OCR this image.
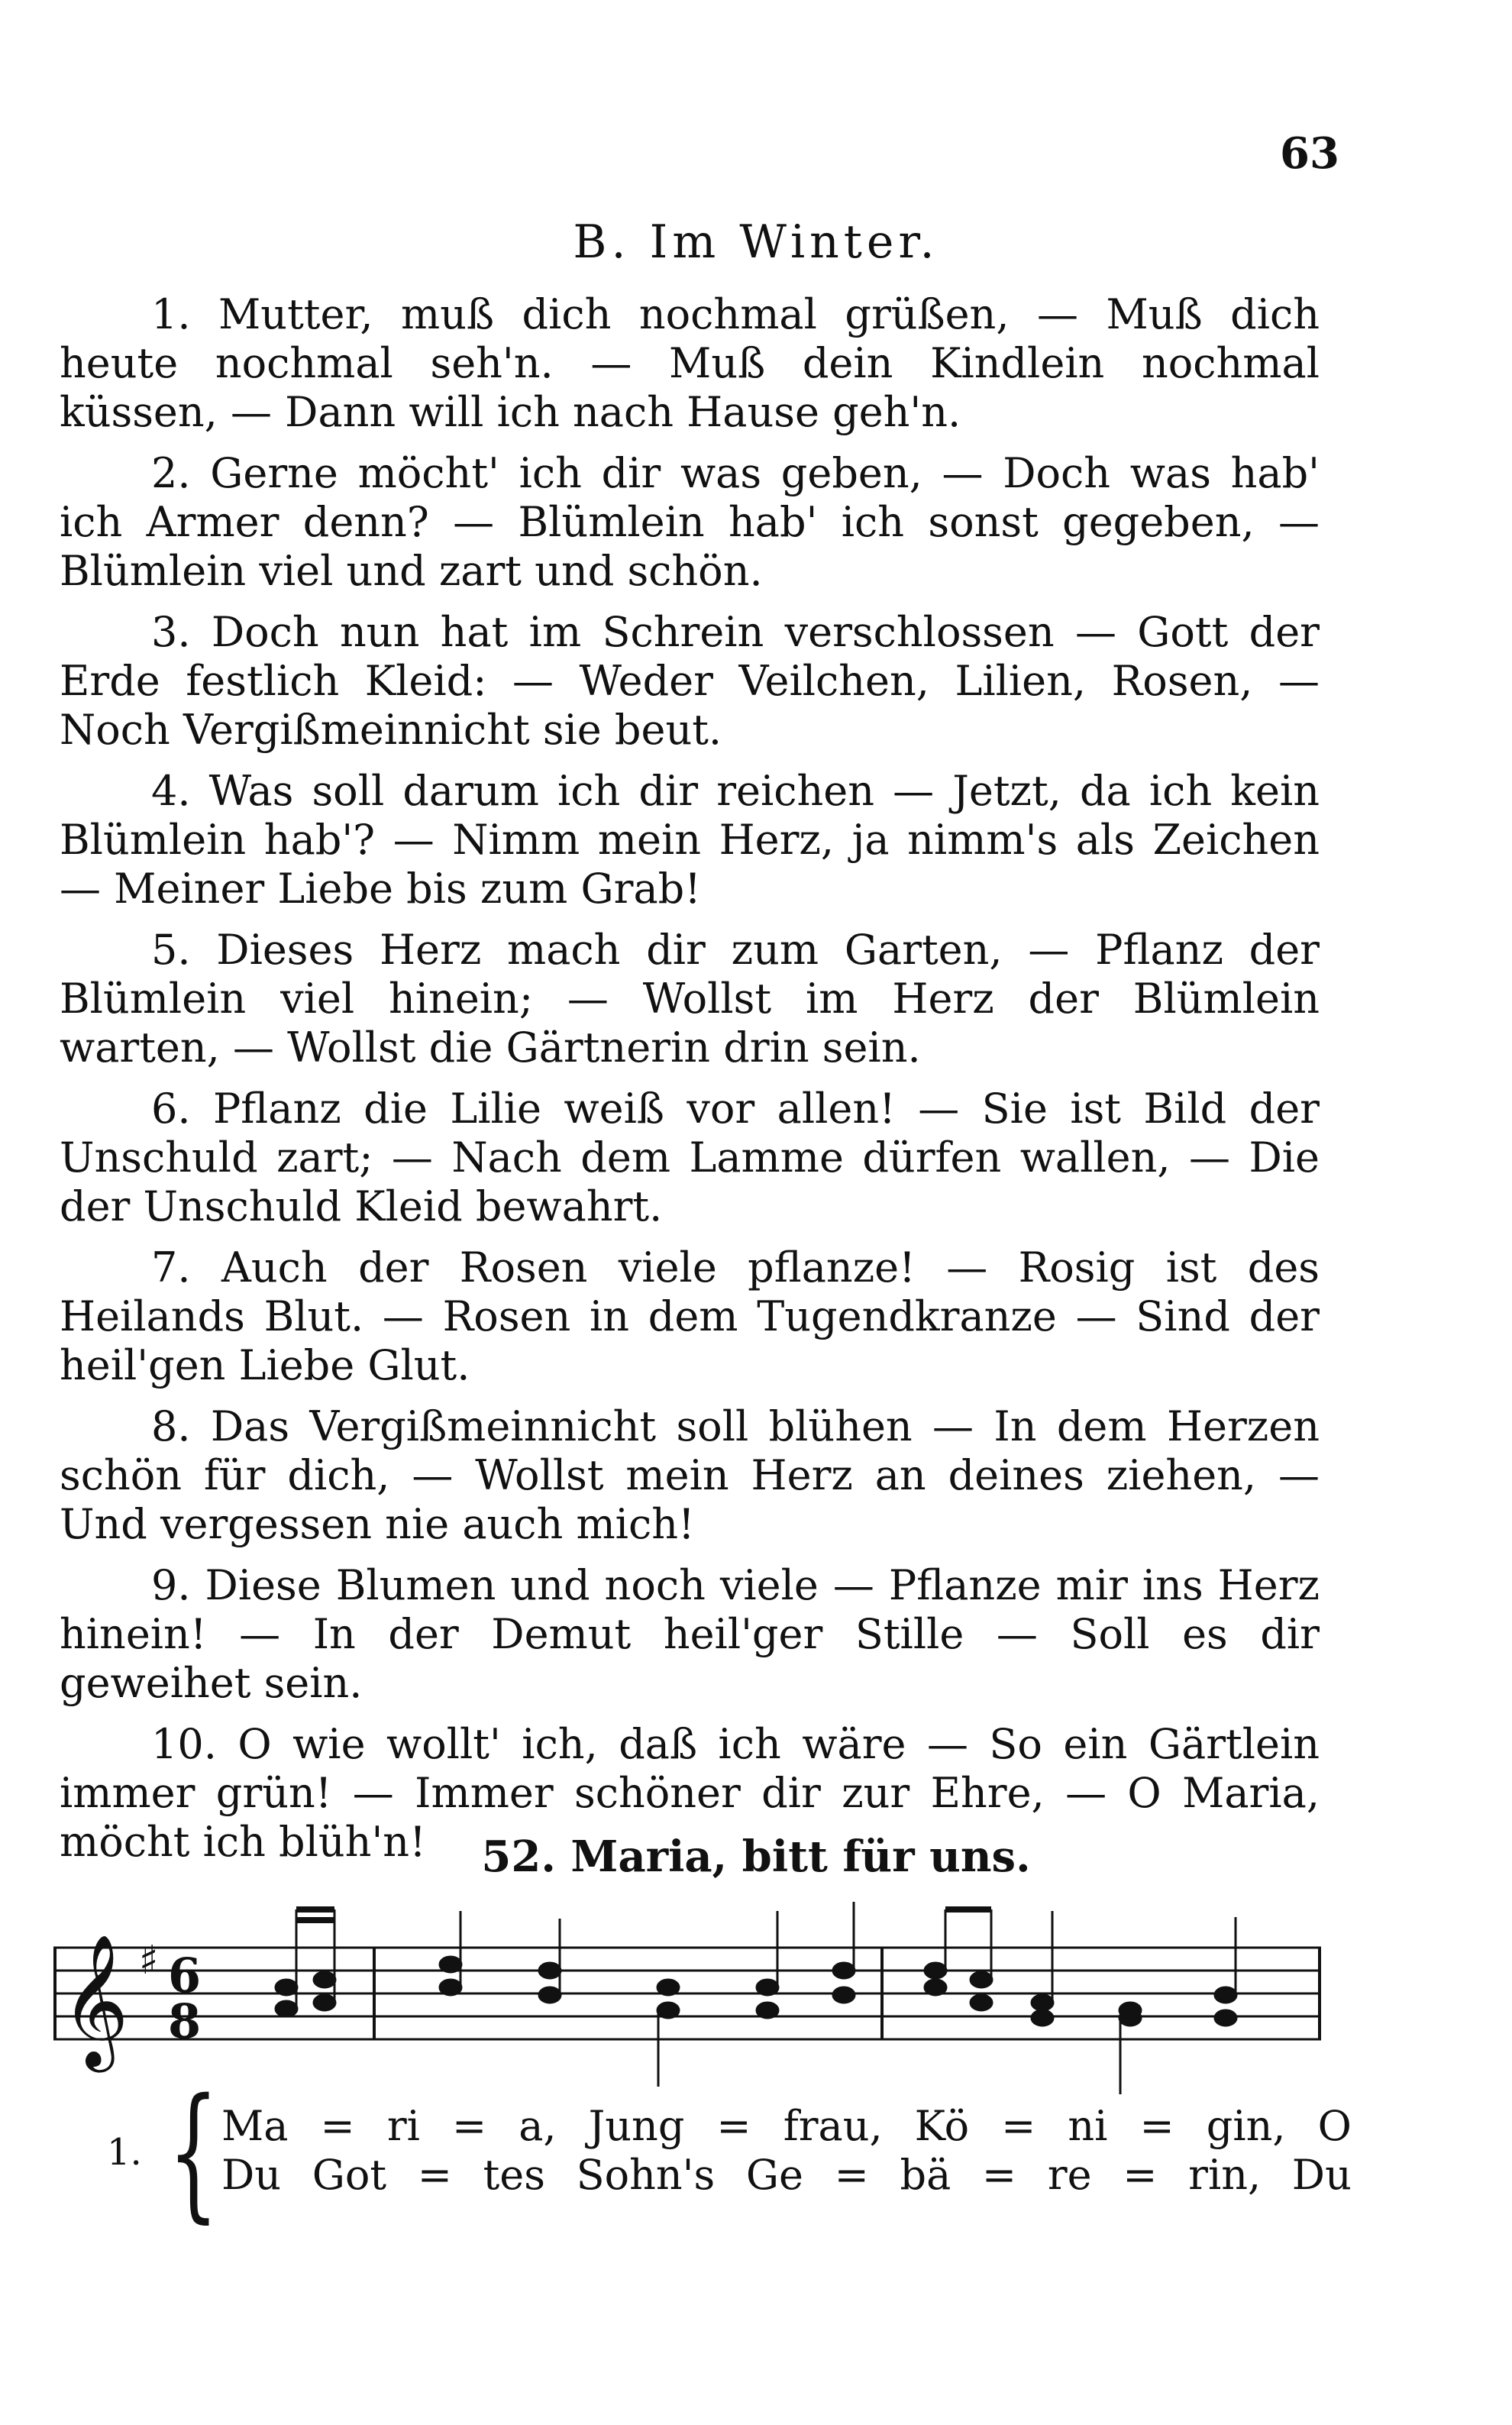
63
B. Im Winter.

1. Mutter, muß dich nochmal grüßen, — Muß dich heute nochmal seh'n. — Muß dein Kindlein nochmal küssen, — Dann will ich nach Hause geh'n.

2. Gerne möcht' ich dir was geben, — Doch was hab' ich Armer denn? — Blümlein hab' ich sonst gegeben, — Blümlein viel und zart und schön.

3. Doch nun hat im Schrein verschlossen — Gott der Erde festlich Kleid: — Weder Veilchen, Lilien, Rosen, — Noch Vergißmeinnicht sie beut.

4. Was soll darum ich dir reichen — Jetzt, da ich kein Blümlein hab'? — Nimm mein Herz, ja nimm's als Zeichen — Meiner Liebe bis zum Grab!

5. Dieses Herz mach dir zum Garten, — Pflanz der Blümlein viel hinein; — Wollst im Herz der Blümlein warten, — Wollst die Gärtnerin drin sein.

6. Pflanz die Lilie weiß vor allen! — Sie ist Bild der Unschuld zart; — Nach dem Lamme dürfen wallen, — Die der Unschuld Kleid bewahrt.

7. Auch der Rosen viele pflanze! — Rosig ist des Heilands Blut. — Rosen in dem Tugendkranze — Sind der heil'gen Liebe Glut.

8. Das Vergißmeinnicht soll blühen — In dem Herzen schön für dich, — Wollst mein Herz an deines ziehen, — Und vergessen nie auch mich!

9. Diese Blumen und noch viele — Pflanze mir ins Herz hinein! — In der Demut heil'ger Stille — Soll es dir geweihet sein.

10. O wie wollt' ich, daß ich wäre — So ein Gärtlein immer grün! — Immer schöner dir zur Ehre, — O Maria, möcht ich blüh'n!	52. Maria, bitt für uns.
𝄞 ♯ 6
8
1. { Ma = ri = a, Jung = frau, Kö = ni = gin, O
Du Got = tes Sohn's Ge = bä = re = rin, Du
